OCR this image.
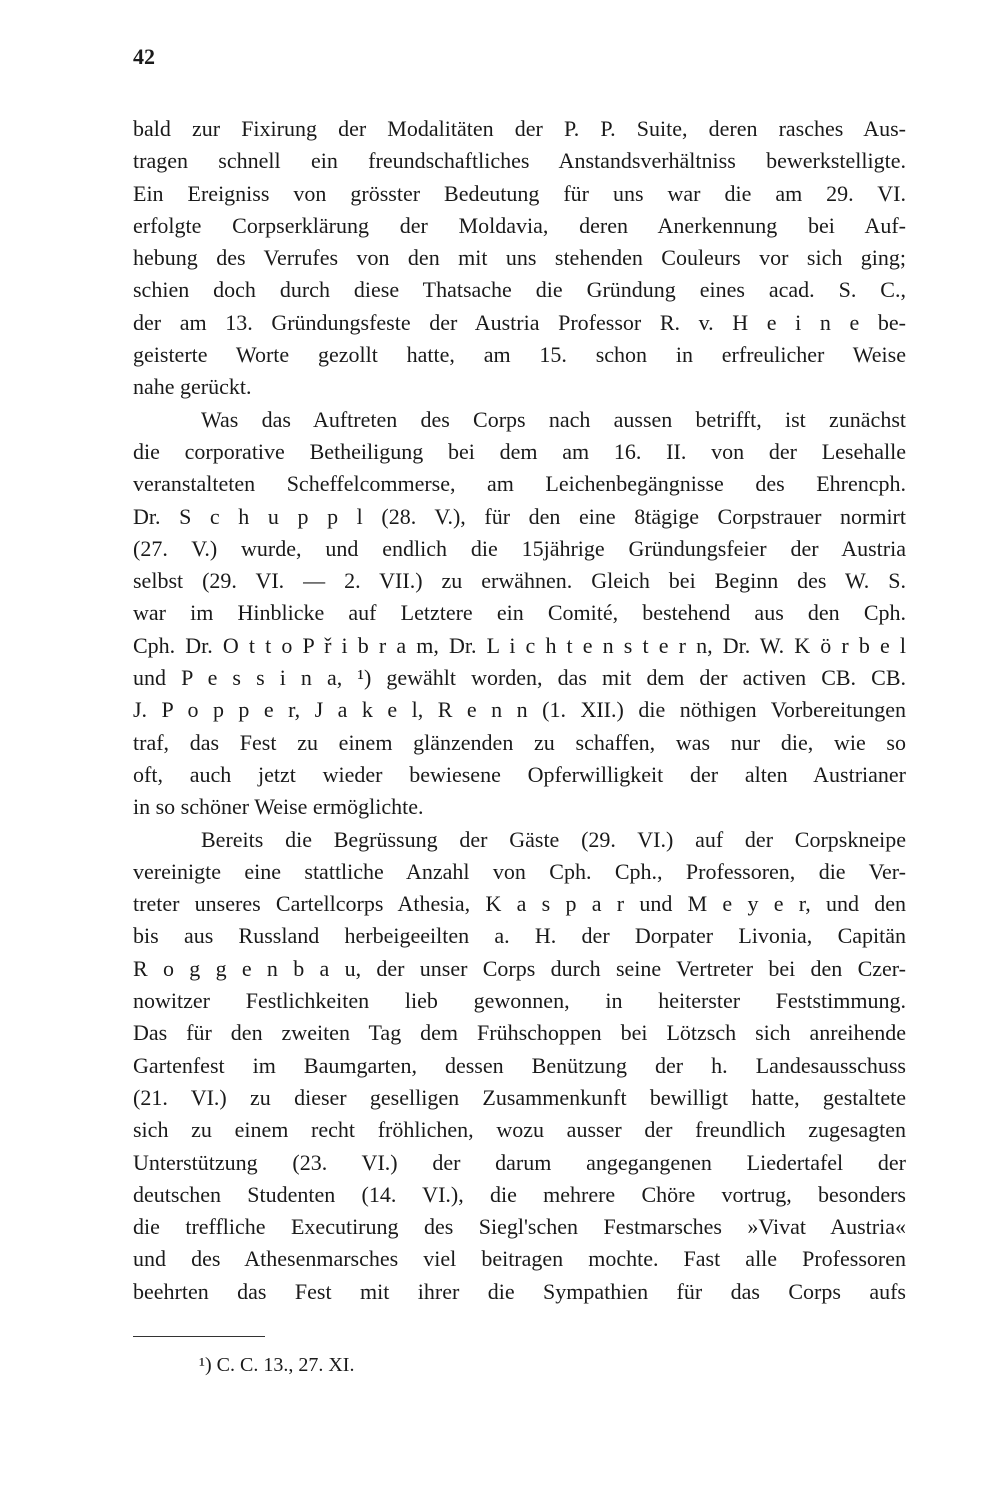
42
bald zur Fixirung der Modalitäten der P. P. Suite, deren rasches Aus-
tragen schnell ein freundschaftliches Anstandsverhältniss bewerkstelligte.
Ein Ereigniss von grösster Bedeutung für uns war die am 29. VI.
erfolgte Corpserklärung der Moldavia, deren Anerkennung bei Auf-
hebung des Verrufes von den mit uns stehenden Couleurs vor sich ging;
schien doch durch diese Thatsache die Gründung eines acad. S. C.,
der am 13. Gründungsfeste der Austria Professor R. v. H e i n e be-
geisterte Worte gezollt hatte, am 15. schon in erfreulicher Weise
nahe gerückt.
Was das Auftreten des Corps nach aussen betrifft, ist zunächst
die corporative Betheiligung bei dem am 16. II. von der Lesehalle
veranstalteten Scheffelcommerse, am Leichenbegängnisse des Ehrencph.
Dr. S c h u p p l (28. V.), für den eine 8tägige Corpstrauer normirt
(27. V.) wurde, und endlich die 15jährige Gründungsfeier der Austria
selbst (29. VI. — 2. VII.) zu erwähnen. Gleich bei Beginn des W. S.
war im Hinblicke auf Letztere ein Comité, bestehend aus den Cph.
Cph. Dr. O t t o P ř i b r a m, Dr. L i c h t e n s t e r n, Dr. W. K ö r b e l
und P e s s i n a, ¹) gewählt worden, das mit dem der activen CB. CB.
J. P o p p e r, J a k e l, R e n n (1. XII.) die nöthigen Vorbereitungen
traf, das Fest zu einem glänzenden zu schaffen, was nur die, wie so
oft, auch jetzt wieder bewiesene Opferwilligkeit der alten Austrianer
in so schöner Weise ermöglichte.
Bereits die Begrüssung der Gäste (29. VI.) auf der Corpskneipe
vereinigte eine stattliche Anzahl von Cph. Cph., Professoren, die Ver-
treter unseres Cartellcorps Athesia, K a s p a r und M e y e r, und den
bis aus Russland herbeigeeilten a. H. der Dorpater Livonia, Capitän
R o g g e n b a u, der unser Corps durch seine Vertreter bei den Czer-
nowitzer Festlichkeiten lieb gewonnen, in heiterster Feststimmung.
Das für den zweiten Tag dem Frühschoppen bei Lötzsch sich anreihende
Gartenfest im Baumgarten, dessen Benützung der h. Landesausschuss
(21. VI.) zu dieser geselligen Zusammenkunft bewilligt hatte, gestaltete
sich zu einem recht fröhlichen, wozu ausser der freundlich zugesagten
Unterstützung (23. VI.) der darum angegangenen Liedertafel der
deutschen Studenten (14. VI.), die mehrere Chöre vortrug, besonders
die treffliche Executirung des Siegl'schen Festmarsches »Vivat Austria«
und des Athesenmarsches viel beitragen mochte. Fast alle Professoren
beehrten das Fest mit ihrer die Sympathien für das Corps aufs
¹) C. C. 13., 27. XI.
